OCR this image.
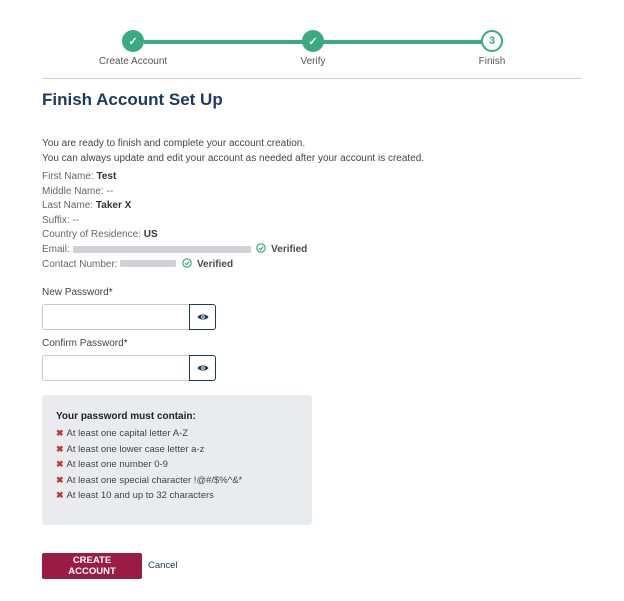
✓	✓	3
Create Account	Verify	Finish
Finish Account Set Up
You are ready to finish and complete your account creation.
You can always update and edit your account as needed after your account is created.
First Name: Test
Middle Name: --
Last Name: Taker X
Suffix: --
Country of Residence: US
Email:	Verified
Contact Number:	Verified
New Password*
Confirm Password*
Your password must contain:
✖ At least one capital letter A-Z
✖ At least one lower case letter a-z
✖ At least one number 0-9
✖ At least one special character !@#/$%^&*
✖ At least 10 and up to 32 characters
CREATE ACCOUNT
Cancel
